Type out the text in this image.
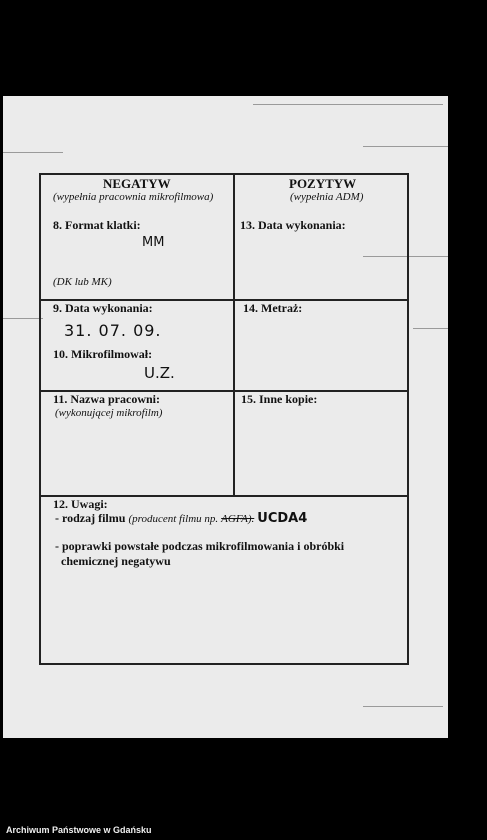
NEGATYW
(wypełnia pracownia mikrofilmowa)
POZYTYW
(wypełnia ADM)
8. Format klatki:
MM
(DK lub MK)
13. Data wykonania:
9. Data wykonania:
31. 07. 09.
10. Mikrofilmował:
U.Z.
14. Metraż:
11. Nazwa pracowni:
(wykonującej mikrofilm)
15. Inne kopie:
12. Uwagi:
- rodzaj filmu (producent filmu np. AGFA). UCDA4
- poprawki powstałe podczas mikrofilmowania i obróbki
chemicznej negatywu
Archiwum Państwowe w Gdańsku
